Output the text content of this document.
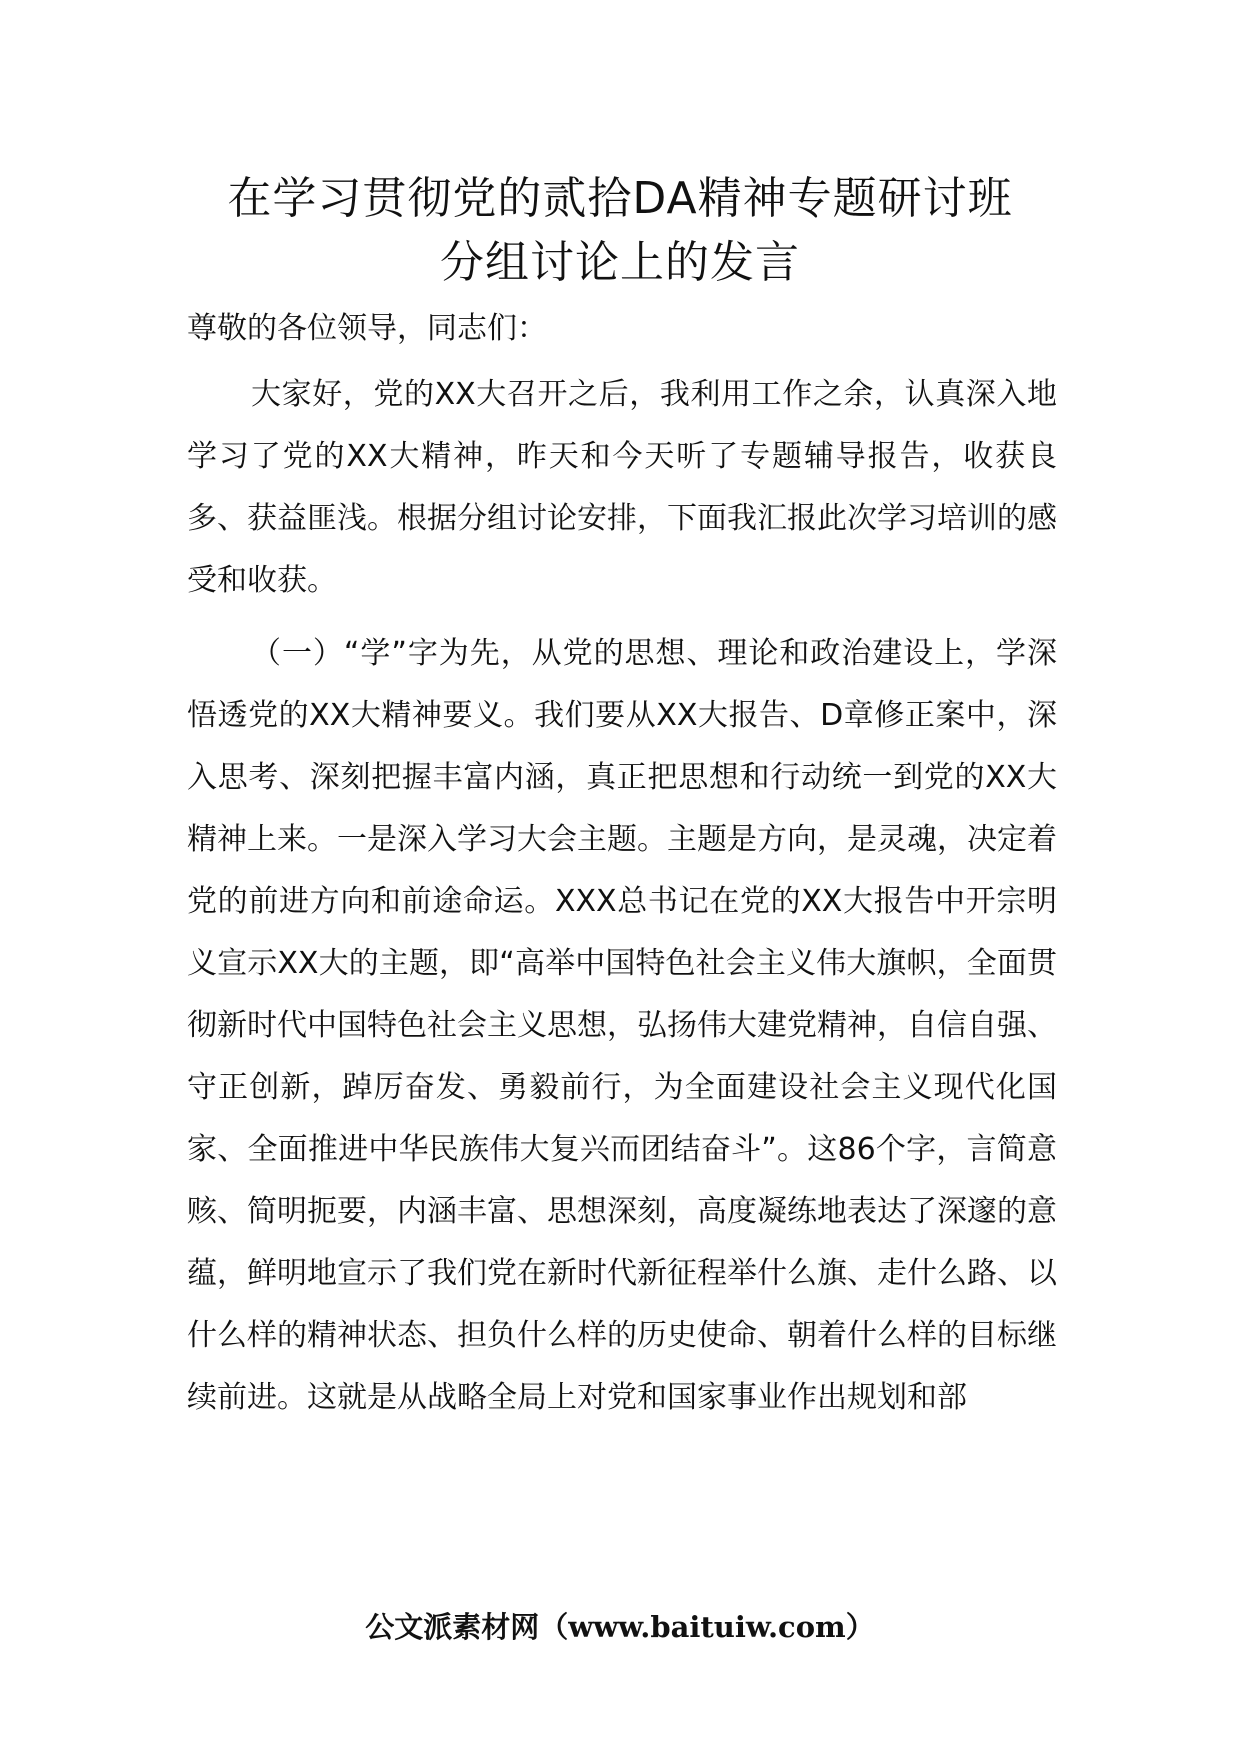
在学习贯彻党的贰拾DA精神专题研讨班
分组讨论上的发言
尊敬的各位领导，同志们：

大家好，党的XX大召开之后，我利用工作之余，认真深入地学习了党的XX大精神，昨天和今天听了专题辅导报告，收获良多、获益匪浅。根据分组讨论安排，下面我汇报此次学习培训的感受和收获。

（一）“学”字为先，从党的思想、理论和政治建设上，学深悟透党的XX大精神要义。我们要从XX大报告、D章修正案中，深入思考、深刻把握丰富内涵，真正把思想和行动统一到党的XX大精神上来。一是深入学习大会主题。主题是方向，是灵魂，决定着党的前进方向和前途命运。XXX总书记在党的XX大报告中开宗明义宣示XX大的主题，即“高举中国特色社会主义伟大旗帜，全面贯彻新时代中国特色社会主义思想，弘扬伟大建党精神，自信自强、守正创新，踔厉奋发、勇毅前行，为全面建设社会主义现代化国家、全面推进中华民族伟大复兴而团结奋斗”。这86个字，言简意赅、简明扼要，内涵丰富、思想深刻，高度凝练地表达了深邃的意蕴，鲜明地宣示了我们党在新时代新征程举什么旗、走什么路、以什么样的精神状态、担负什么样的历史使命、朝着什么样的目标继续前进。这就是从战略全局上对党和国家事业作出规划和部

公文派素材网（www.baituiw.com）
